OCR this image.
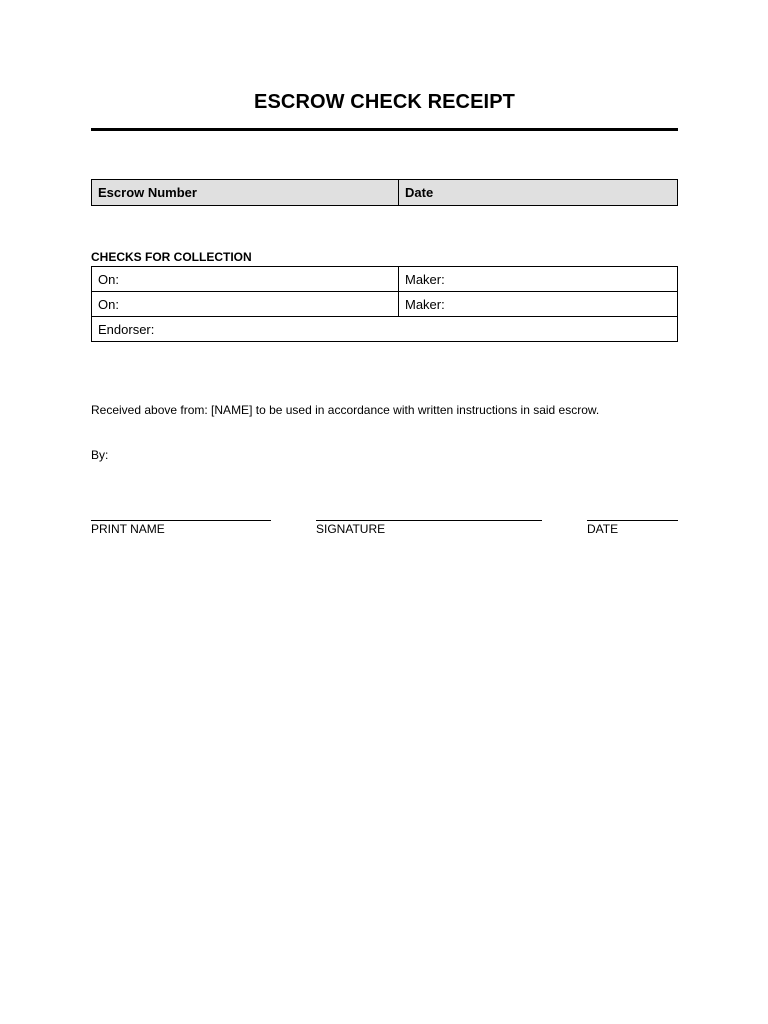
ESCROW CHECK RECEIPT
Escrow Number	Date
CHECKS FOR COLLECTION
On:	Maker:
On:	Maker:
Endorser:	
Received above from: [NAME] to be used in accordance with written instructions in said escrow.
By:
PRINT NAME	SIGNATURE	DATE
